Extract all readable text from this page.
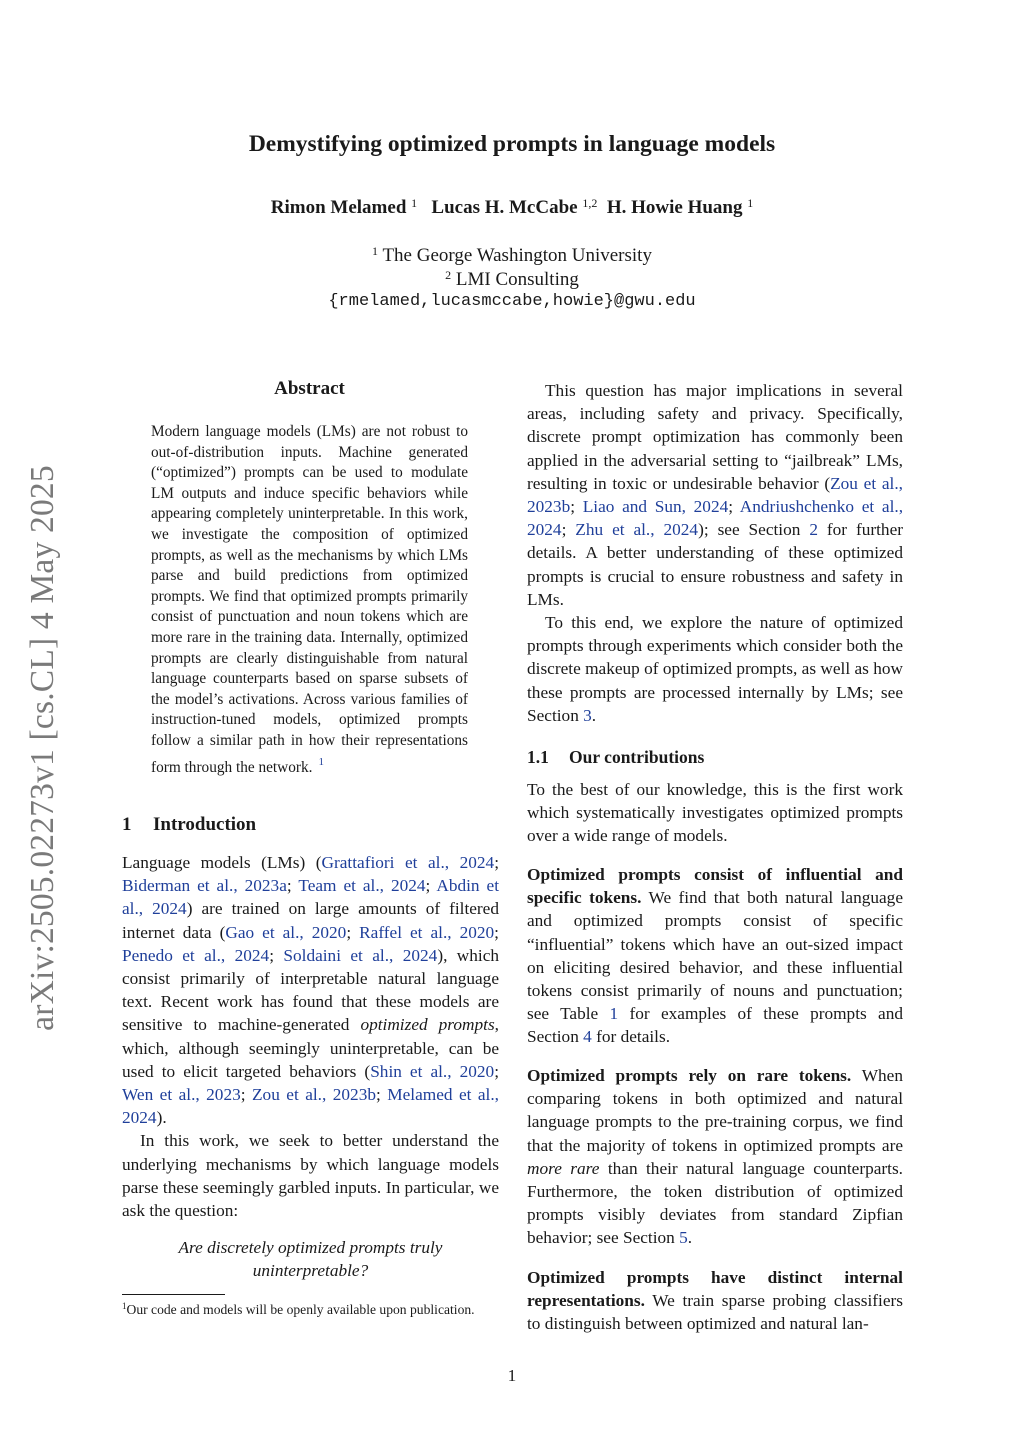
Demystifying optimized prompts in language models
Rimon Melamed $^1$ Lucas H. McCabe $^{1,2}$ H. Howie Huang $^1$
$^1$ The George Washington University
$^2$ LMI Consulting
{rmelamed,lucasmccabe,howie}@gwu.edu
arXiv:2505.02273v1 [cs.CL] 4 May 2025
Abstract
Modern language models (LMs) are not robust to out-of-distribution inputs. Machine generated (“optimized”) prompts can be used to modulate LM outputs and induce specific behaviors while appearing completely uninterpretable. In this work, we investigate the composition of optimized prompts, as well as the mechanisms by which LMs parse and build predictions from optimized prompts. We find that optimized prompts primarily consist of punctuation and noun tokens which are more rare in the training data. Internally, optimized prompts are clearly distinguishable from natural language counterparts based on sparse subsets of the model’s activations. Across various families of instruction-tuned models, optimized prompts follow a similar path in how their representations form through the network. $^1$
1 Introduction

Language models (LMs) (Grattafiori et al., 2024; Biderman et al., 2023a; Team et al., 2024; Abdin et al., 2024) are trained on large amounts of filtered internet data (Gao et al., 2020; Raffel et al., 2020; Penedo et al., 2024; Soldaini et al., 2024), which consist primarily of interpretable natural language text. Recent work has found that these models are sensitive to machine-generated optimized prompts, which, although seemingly uninterpretable, can be used to elicit targeted behaviors (Shin et al., 2020; Wen et al., 2023; Zou et al., 2023b; Melamed et al., 2024).

In this work, we seek to better understand the underlying mechanisms by which language models parse these seemingly garbled inputs. In particular, we ask the question:

Are discretely optimized prompts truly uninterpretable?
$^1$Our code and models will be openly available upon publication.

This question has major implications in several areas, including safety and privacy. Specifically, discrete prompt optimization has commonly been applied in the adversarial setting to “jailbreak” LMs, resulting in toxic or undesirable behavior (Zou et al., 2023b; Liao and Sun, 2024; Andriushchenko et al., 2024; Zhu et al., 2024); see Section 2 for further details. A better understanding of these optimized prompts is crucial to ensure robustness and safety in LMs.

To this end, we explore the nature of optimized prompts through experiments which consider both the discrete makeup of optimized prompts, as well as how these prompts are processed internally by LMs; see Section 3.

1.1 Our contributions

To the best of our knowledge, this is the first work which systematically investigates optimized prompts over a wide range of models.

Optimized prompts consist of influential and specific tokens. We find that both natural language and optimized prompts consist of specific “influential” tokens which have an out-sized impact on eliciting desired behavior, and these influential tokens consist primarily of nouns and punctuation; see Table 1 for examples of these prompts and Section 4 for details.

Optimized prompts rely on rare tokens. When comparing tokens in both optimized and natural language prompts to the pre-training corpus, we find that the majority of tokens in optimized prompts are more rare than their natural language counterparts. Furthermore, the token distribution of optimized prompts visibly deviates from standard Zipfian behavior; see Section 5.

Optimized prompts have distinct internal representations. We train sparse probing classifiers to distinguish between optimized and natural lan-

1
